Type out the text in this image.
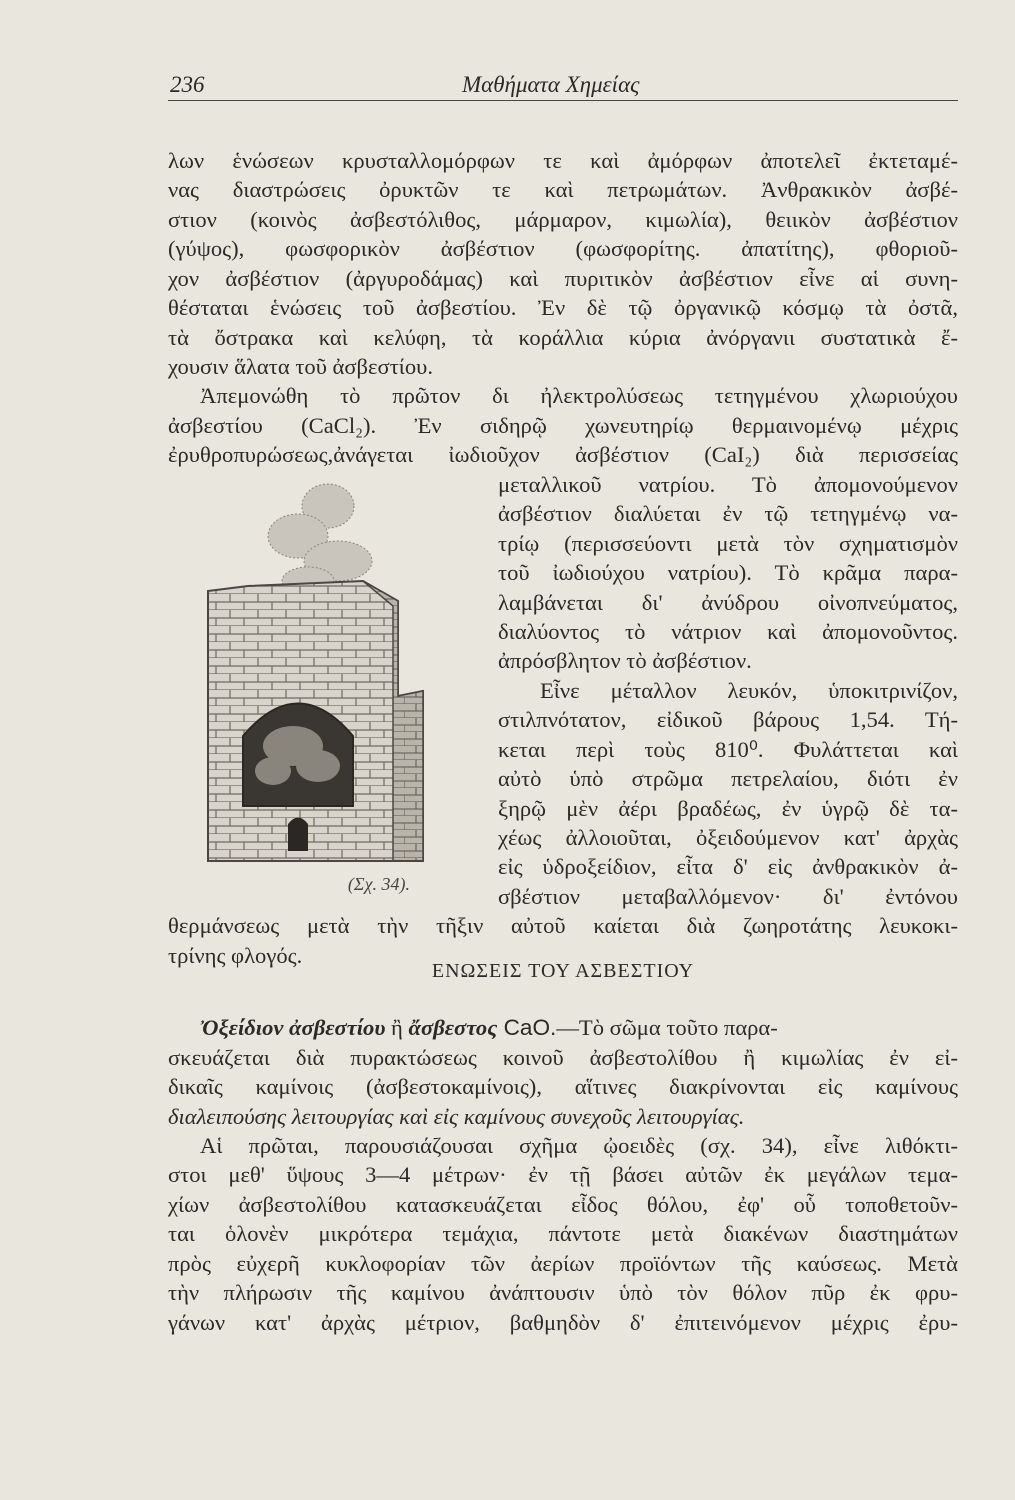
236	Μαθήματα Χημείας
λων ἑνώσεων κρυσταλλομόρφων τε καὶ ἀμόρφων ἀποτελεῖ ἐκτεταμέ-
νας διαστρώσεις ὀρυκτῶν τε καὶ πετρωμάτων. Ἀνθρακικὸν ἀσβέ-
στιον (κοινὸς ἀσβεστόλιθος, μάρμαρον, κιμωλία), θειικὸν ἀσβέστιον
(γύψος), φωσφορικὸν ἀσβέστιον (φωσφορίτης. ἀπατίτης), φθοριοῦ-
χον ἀσβέστιον (ἀργυροδάμας) καὶ πυριτικὸν ἀσβέστιον εἶνε αἱ συνη-
θέσταται ἑνώσεις τοῦ ἀσβεστίου. Ἐν δὲ τῷ ὀργανικῷ κόσμῳ τὰ ὀστᾶ,
τὰ ὄστρακα καὶ κελύφη, τὰ κοράλλια κύρια ἀνόργανιι συστατικὰ ἔ-
χουσιν ἅλατα τοῦ ἀσβεστίου.
Ἀπεμονώθη τὸ πρῶτον δι ἠλεκτρολύσεως τετηγμένου χλωριούχου
ἀσβεστίου (CaCl₂). Ἐν σιδηρῷ χωνευτηρίῳ θερμαινομένῳ μέχρις
ἐρυθροπυρώσεως,ἀνάγεται ἰωδιοῦχον ἀσβέστιον (CaI₂) διὰ περισσείας
μεταλλικοῦ νατρίου. Τὸ ἀπομονούμενον
ἀσβέστιον διαλύεται ἐν τῷ τετηγμένῳ να-
τρίῳ (περισσεύοντι μετὰ τὸν σχηματισμὸν
τοῦ ἰωδιούχου νατρίου). Τὸ κρᾶμα παρα-
λαμβάνεται δι' ἀνύδρου οἰνοπνεύματος,
διαλύοντος τὸ νάτριον καὶ ἀπομονοῦντος.
ἀπρόσβλητον τὸ ἀσβέστιον.
Εἶνε μέταλλον λευκόν, ὑποκιτρινίζον,
στιλπνότατον, εἰδικοῦ βάρους 1,54. Τή-
κεται περὶ τοὺς 810⁰. Φυλάττεται καὶ
αὐτὸ ὑπὸ στρῶμα πετρελαίου, διότι ἐν
ξηρῷ μὲν ἀέρι βραδέως, ἐν ὑγρῷ δὲ τα-
χέως ἀλλοιοῦται, ὀξειδούμενον κατ' ἀρχὰς
εἰς ὑδροξείδιον, εἶτα δ' εἰς ἀνθρακικὸν ἀ-
σβέστιον μεταβαλλόμενον· δι' ἐντόνου
θερμάνσεως μετὰ τὴν τῆξιν αὐτοῦ καίεται διὰ ζωηροτάτης λευκοκι-
τρίνης φλογός.
Ὀξείδιον ἀσβεστίου ἢ ἄσβεστος CaO.—Τὸ σῶμα τοῦτο παρα-
σκευάζεται διὰ πυρακτώσεως κοινοῦ ἀσβεστολίθου ἢ κιμωλίας ἐν εἰ-
δικαῖς καμίνοις (ἀσβεστοκαμίνοις), αἵτινες διακρίνονται εἰς καμίνους
διαλειπούσης λειτουργίας καὶ εἰς καμίνους συνεχοῦς λειτουργίας.
Αἱ πρῶται, παρουσιάζουσαι σχῆμα ᾠοειδὲς (σχ. 34), εἶνε λιθόκτι-
στοι μεθ' ὕψους 3—4 μέτρων· ἐν τῇ βάσει αὐτῶν ἐκ μεγάλων τεμα-
χίων ἀσβεστολίθου κατασκευάζεται εἶδος θόλου, ἐφ' οὗ τοποθετοῦν-
ται ὁλονὲν μικρότερα τεμάχια, πάντοτε μετὰ διακένων διαστημάτων
πρὸς εὐχερῆ κυκλοφορίαν τῶν ἀερίων προϊόντων τῆς καύσεως. Μετὰ
τὴν πλήρωσιν τῆς καμίνου ἀνάπτουσιν ὑπὸ τὸν θόλον πῦρ ἐκ φρυ-
γάνων κατ' ἀρχὰς μέτριον, βαθμηδὸν δ' ἐπιτεινόμενον μέχρις ἐρυ-
ΕΝΩΣΕΙΣ ΤΟΥ ΑΣΒΕΣΤΙΟΥ
(Σχ. 34).
